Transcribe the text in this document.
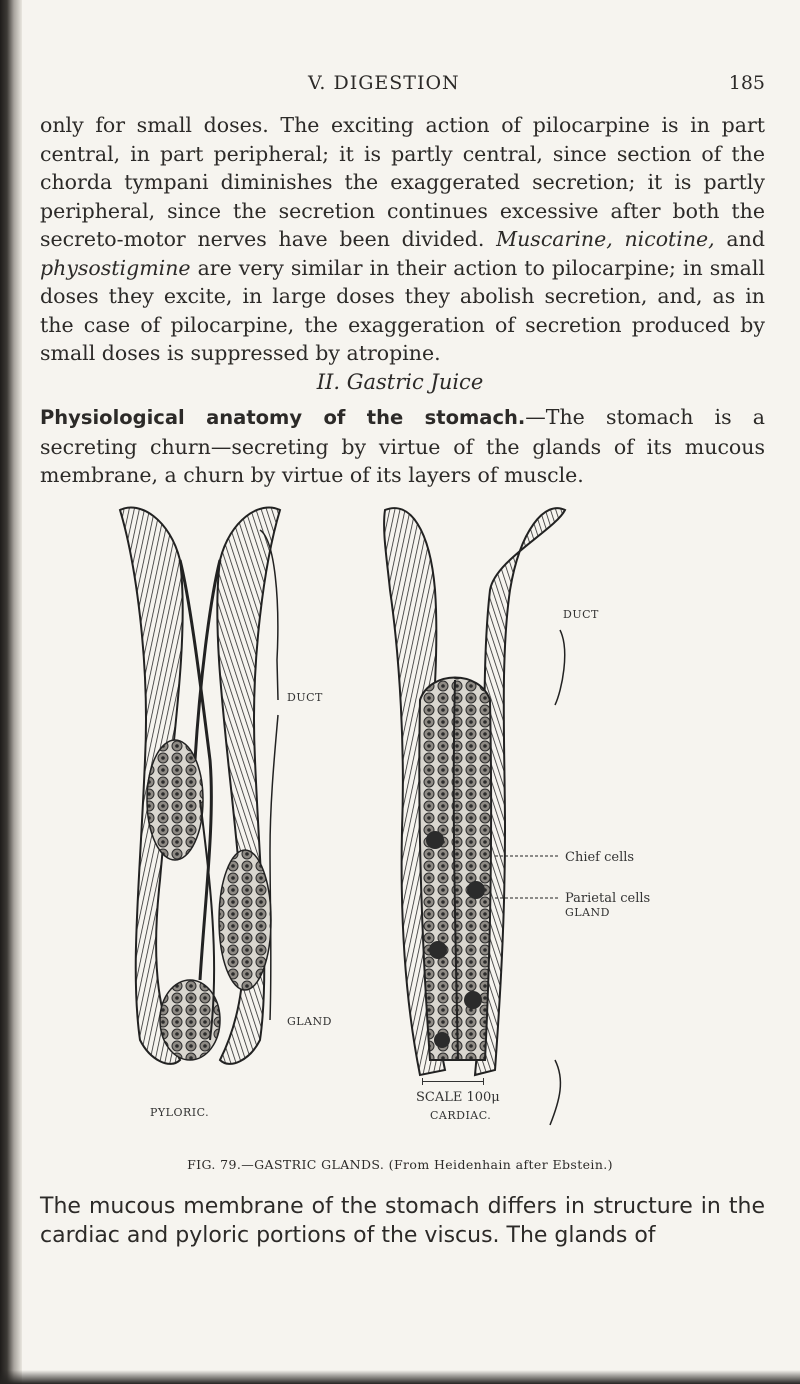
V. DIGESTION	185
only for small doses. The exciting action of pilocarpine is in part central, in part peripheral; it is partly central, since section of the chorda tympani diminishes the exaggerated secretion; it is partly peripheral, since the secretion continues excessive after both the secreto-motor nerves have been divided. Muscarine, nicotine, and physostigmine are very similar in their action to pilocarpine; in small doses they excite, in large doses they abolish secretion, and, as in the case of pilocarpine, the exaggeration of secretion produced by small doses is suppressed by atropine.
II. Gastric Juice
Physiological anatomy of the stomach.—The stomach is a secreting churn—secreting by virtue of the glands of its mucous membrane, a churn by virtue of its layers of muscle.
DUCT
GLAND
DUCT
Chief cells
Parietal cells
GLAND
SCALE 100μ
PYLORIC.	CARDIAC.
FIG. 79.—GASTRIC GLANDS. (From Heidenhain after Ebstein.)
The mucous membrane of the stomach differs in structure in the cardiac and pyloric portions of the viscus. The glands of
